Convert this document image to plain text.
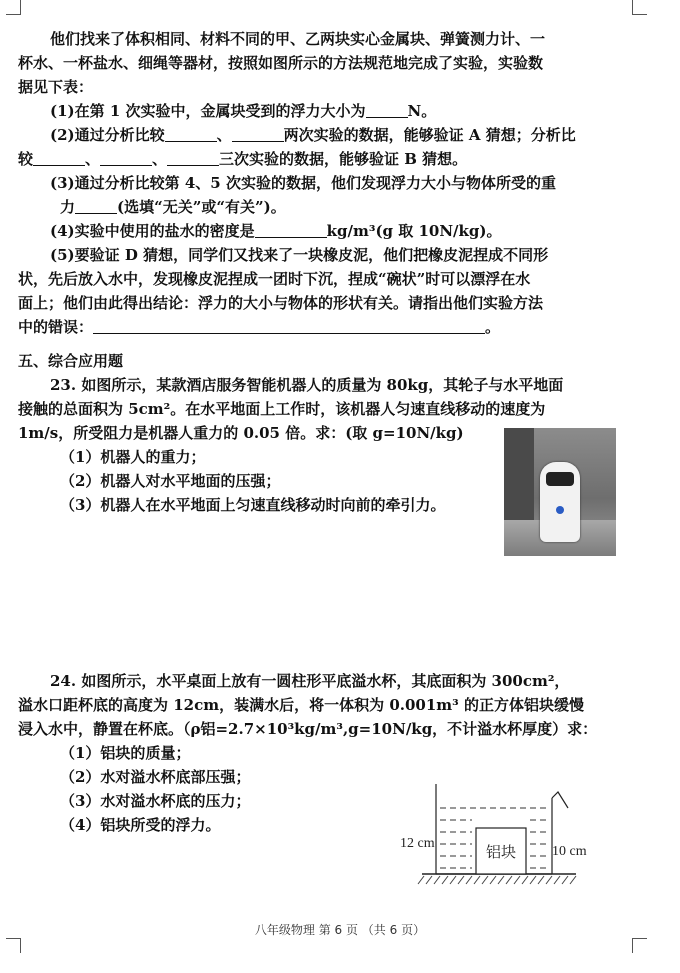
他们找来了体积相同、材料不同的甲、乙两块实心金属块、弹簧测力计、一
杯水、一杯盐水、细绳等器材，按照如图所示的方法规范地完成了实验，实验数
据见下表：
(1)在第 1 次实验中，金属块受到的浮力大小为	N。
(2)通过分析比较	、	两次实验的数据，能够验证 A 猜想；分析比
较	、	、	三次实验的数据，能够验证 B 猜想。
(3)通过分析比较第 4、5 次实验的数据，他们发现浮力大小与物体所受的重
力	(选填“无关”或“有关”)。
(4)实验中使用的盐水的密度是	kg/m³(g 取 10N/kg)。
(5)要验证 D 猜想，同学们又找来了一块橡皮泥，他们把橡皮泥捏成不同形
状，先后放入水中，发现橡皮泥捏成一团时下沉，捏成“碗状”时可以漂浮在水
面上；他们由此得出结论：浮力的大小与物体的形状有关。请指出他们实验方法
中的错误：	。
五、综合应用题
23. 如图所示，某款酒店服务智能机器人的质量为 80kg，其轮子与水平地面
接触的总面积为 5cm²。在水平地面上工作时，该机器人匀速直线移动的速度为
1m/s，所受阻力是机器人重力的 0.05 倍。求：(取 g=10N/kg)
（1）机器人的重力；
（2）机器人对水平地面的压强；
（3）机器人在水平地面上匀速直线移动时向前的牵引力。
24. 如图所示，水平桌面上放有一圆柱形平底溢水杯，其底面积为 300cm²，
溢水口距杯底的高度为 12cm，装满水后，将一体积为 0.001m³ 的正方体铝块缓慢
浸入水中，静置在杯底。（ρ铝=2.7×10³kg/m³,g=10N/kg，不计溢水杯厚度）求：
（1）铝块的质量；
（2）水对溢水杯底部压强；
（3）水对溢水杯底的压力；
（4）铝块所受的浮力。
铝块
12 cm
10 cm
八年级物理 第 6 页 （共 6 页）
